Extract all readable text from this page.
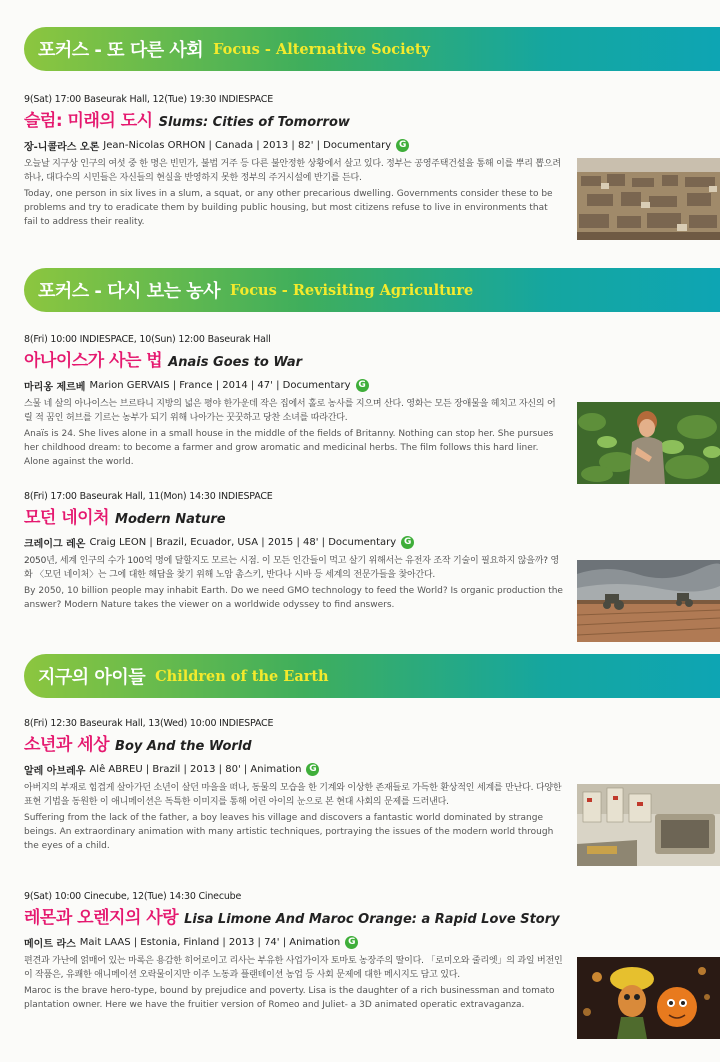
포커스 - 또 다른 사회 Focus - Alternative Society
9(Sat) 17:00 Baseurak Hall, 12(Tue) 19:30 INDIESPACE
슬럼: 미래의 도시 Slums: Cities of Tomorrow
장-니콜라스 오론 Jean-Nicolas ORHON | Canada | 2013 | 82' | Documentary G
오늘날 지구상 인구의 여섯 중 한 명은 빈민가, 불법 거주 등 다른 불안정한 상황에서 살고 있다. 정부는 공영주택건설을 통해 이를 뿌리 뽑으려 하나, 대다수의 시민들은 자신들의 현실을 반영하지 못한 정부의 주거시설에 반기를 든다.
Today, one person in six lives in a slum, a squat, or any other precarious dwelling. Governments consider these to be problems and try to eradicate them by building public housing, but most citizens refuse to live in environments that fail to address their reality.
포커스 - 다시 보는 농사 Focus - Revisiting Agriculture
8(Fri) 10:00 INDIESPACE, 10(Sun) 12:00 Baseurak Hall
아나이스가 사는 법 Anais Goes to War
마리옹 제르베 Marion GERVAIS | France | 2014 | 47' | Documentary G
스물 네 살의 아나이스는 브르타니 지방의 넓은 평야 한가운데 작은 집에서 홀로 농사를 지으며 산다. 영화는 모든 장애물을 헤치고 자신의 어릴 적 꿈인 허브를 기르는 농부가 되기 위해 나아가는 꿋꿋하고 당찬 소녀를 따라간다.
Anaïs is 24. She lives alone in a small house in the middle of the fields of Britanny. Nothing can stop her. She pursues her childhood dream: to become a farmer and grow aromatic and medicinal herbs. The film follows this hard liner. Alone against the world.
8(Fri) 17:00 Baseurak Hall, 11(Mon) 14:30 INDIESPACE
모던 네이처 Modern Nature
크레이그 레온 Craig LEON | Brazil, Ecuador, USA | 2015 | 48' | Documentary G
2050년, 세계 인구의 수가 100억 명에 달할지도 모르는 시점. 이 모든 인간들이 먹고 살기 위해서는 유전자 조작 기술이 필요하지 않을까? 영화 〈모던 네이처〉는 그에 대한 해답을 찾기 위해 노암 촘스키, 반다나 시바 등 세계의 전문가들을 찾아간다.
By 2050, 10 billion people may inhabit Earth. Do we need GMO technology to feed the World? Is organic production the answer? Modern Nature takes the viewer on a worldwide odyssey to find answers.
지구의 아이들 Children of the Earth
8(Fri) 12:30 Baseurak Hall, 13(Wed) 10:00 INDIESPACE
소년과 세상 Boy And the World
알레 아브레우 Alê ABREU | Brazil | 2013 | 80' | Animation G
아버지의 부재로 힘겹게 살아가던 소년이 살던 마을을 떠나, 동물의 모습을 한 기계와 이상한 존재들로 가득한 환상적인 세계를 만난다. 다양한 표현 기법을 동원한 이 애니메이션은 독특한 이미지를 통해 어린 아이의 눈으로 본 현대 사회의 문제를 드러낸다.
Suffering from the lack of the father, a boy leaves his village and discovers a fantastic world dominated by strange beings. An extraordinary animation with many artistic techniques, portraying the issues of the modern world through the eyes of a child.
9(Sat) 10:00 Cinecube, 12(Tue) 14:30 Cinecube
레몬과 오렌지의 사랑 Lisa Limone And Maroc Orange: a Rapid Love Story
메이트 라스 Mait LAAS | Estonia, Finland | 2013 | 74' | Animation G
편견과 가난에 얽매어 있는 마록은 용감한 히어로이고 리사는 부유한 사업가이자 토마토 농장주의 딸이다. 「로미오와 줄리엣」의 과일 버전인 이 작품은, 유쾌한 애니메이션 오락물이지만 이주 노동과 플랜테이션 농업 등 사회 문제에 대한 메시지도 담고 있다.
Maroc is the brave hero-type, bound by prejudice and poverty. Lisa is the daughter of a rich businessman and tomato plantation owner. Here we have the fruitier version of Romeo and Juliet- a 3D animated operatic extravaganza.
